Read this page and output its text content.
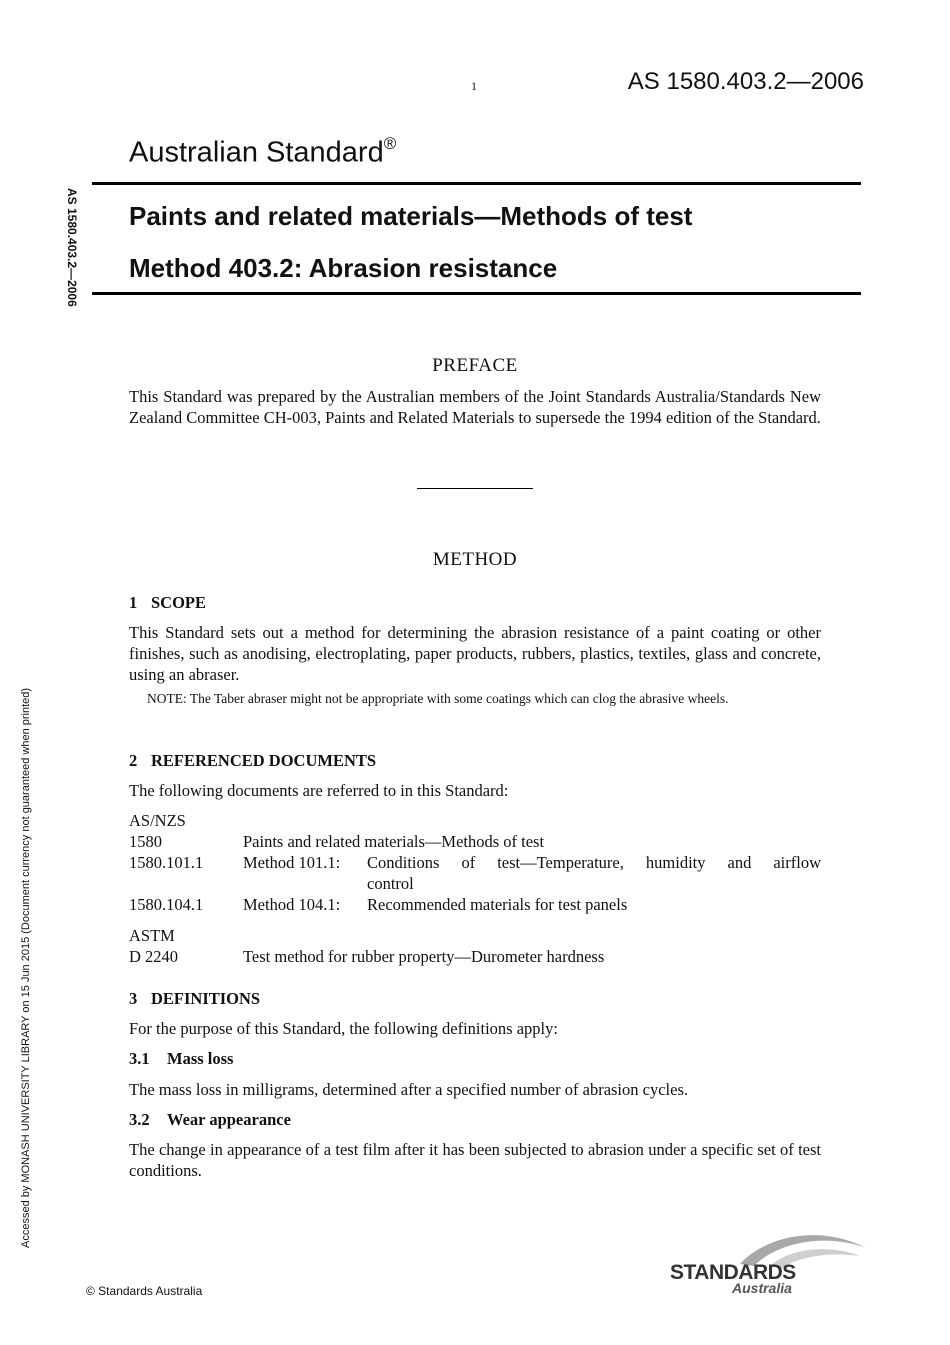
1	AS 1580.403.2—2006
Australian Standard®
Paints and related materials—Methods of test
Method 403.2: Abrasion resistance
AS 1580.403.2—2006
Accessed by MONASH UNIVERSITY LIBRARY on 15 Jun 2015 (Document currency not guaranteed when printed)
PREFACE
This Standard was prepared by the Australian members of the Joint Standards Australia/Standards New Zealand Committee CH-003, Paints and Related Materials to supersede the 1994 edition of the Standard.
METHOD
1 SCOPE
This Standard sets out a method for determining the abrasion resistance of a paint coating or other finishes, such as anodising, electroplating, paper products, rubbers, plastics, textiles, glass and concrete, using an abraser.
NOTE: The Taber abraser might not be appropriate with some coatings which can clog the abrasive wheels.
2 REFERENCED DOCUMENTS
The following documents are referred to in this Standard:
AS/NZS
1580	Paints and related materials—Methods of test
1580.101.1	Method 101.1:	Conditions of test—Temperature, humidity and airflow
control
1580.104.1	Method 104.1:	Recommended materials for test panels
ASTM
D 2240	Test method for rubber property—Durometer hardness
3 DEFINITIONS
For the purpose of this Standard, the following definitions apply:
3.1 Mass loss
The mass loss in milligrams, determined after a specified number of abrasion cycles.
3.2 Wear appearance
The change in appearance of a test film after it has been subjected to abrasion under a specific set of test conditions.
© Standards Australia
STANDARDS
Australia
